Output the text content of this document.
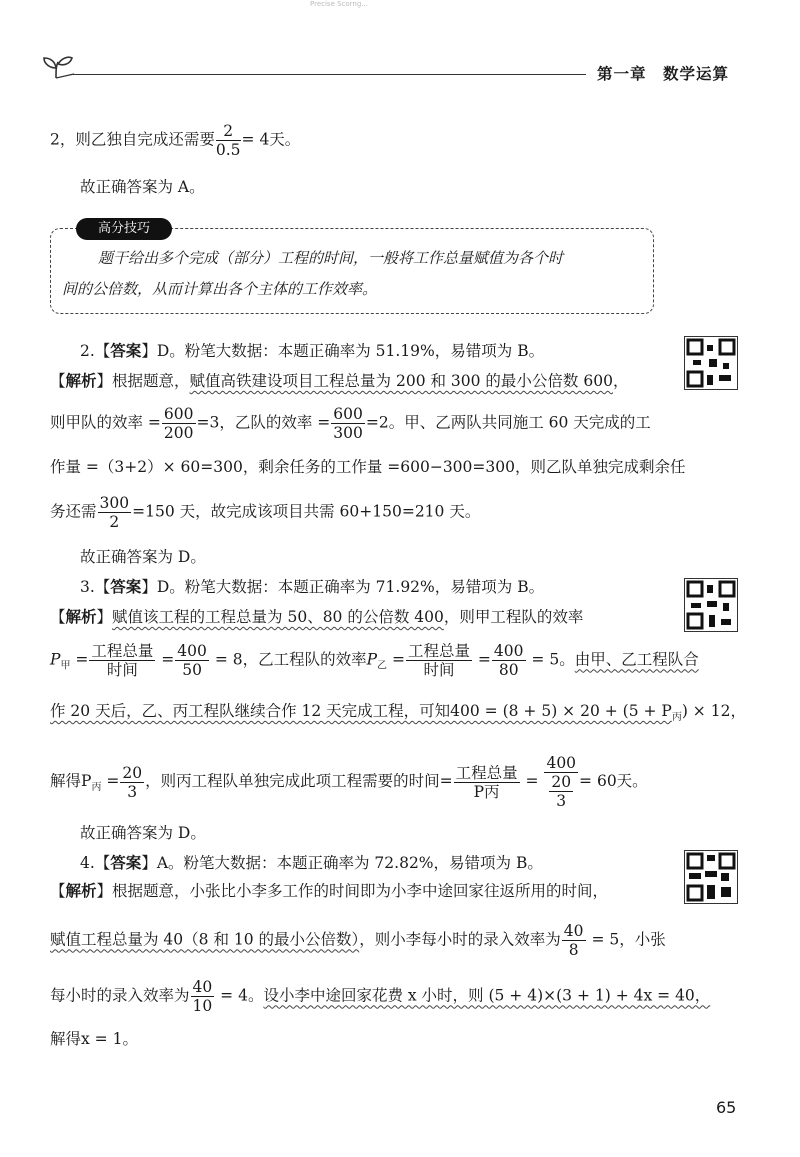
Precise Scorng...
第一章　数学运算
2，则乙独自完成还需要 $\frac{2}{0.5} = 4$天。
故正确答案为 A。
高分技巧
题干给出多个完成（部分）工程的时间，一般将工作总量赋值为各个时
间的公倍数，从而计算出各个主体的工作效率。
2.【答案】D。粉笔大数据：本题正确率为 51.19%，易错项为 B。
【解析】根据题意，赋值高铁建设项目工程总量为 200 和 300 的最小公倍数 600，
则甲队的效率 = $\frac{600}{200} =3$，乙队的效率 = $\frac{600}{300} =2$。甲、乙两队共同施工 60 天完成的工
作量 =（3+2）× 60=300，剩余任务的工作量 =600−300=300，则乙队单独完成剩余任
务还需 $\frac{300}{2} =150$ 天，故完成该项目共需 60+150=210 天。
故正确答案为 D。
3.【答案】D。粉笔大数据：本题正确率为 71.92%，易错项为 B。
【解析】赋值该工程的工程总量为 50、80 的公倍数 400，则甲工程队的效率
$P_甲 = \frac{\text{工程总量}}{\text{时间}} = \frac{400}{50} = 8$，乙工程队的效率$P_乙 = \frac{\text{工程总量}}{\text{时间}} = \frac{400}{80} = 5$。由甲、乙工程队合
作 20 天后，乙、丙工程队继续合作 12 天完成工程，可知$400 = (8 + 5) \times 20 + (5 + P_丙) \times 12$，
解得$P_丙 = \frac{20}{3}$ ，则丙工程队单独完成此项工程需要的时间= $\frac{\text{工程总量}}{\text{P丙}} = \frac{400}{\frac{20}{3}} = 60$天。
故正确答案为 D。
4.【答案】A。粉笔大数据：本题正确率为 72.82%，易错项为 B。
【解析】根据题意，小张比小李多工作的时间即为小李中途回家往返所用的时间，
赋值工程总量为 40（8 和 10 的最小公倍数），则小李每小时的录入效率为 $\frac{40}{8} = 5$，小张
每小时的录入效率为 $\frac{40}{10} = 4$。设小李中途回家花费 x 小时，则 (5 + 4)×(3 + 1) + 4x = 40，
解得x = 1。
65
